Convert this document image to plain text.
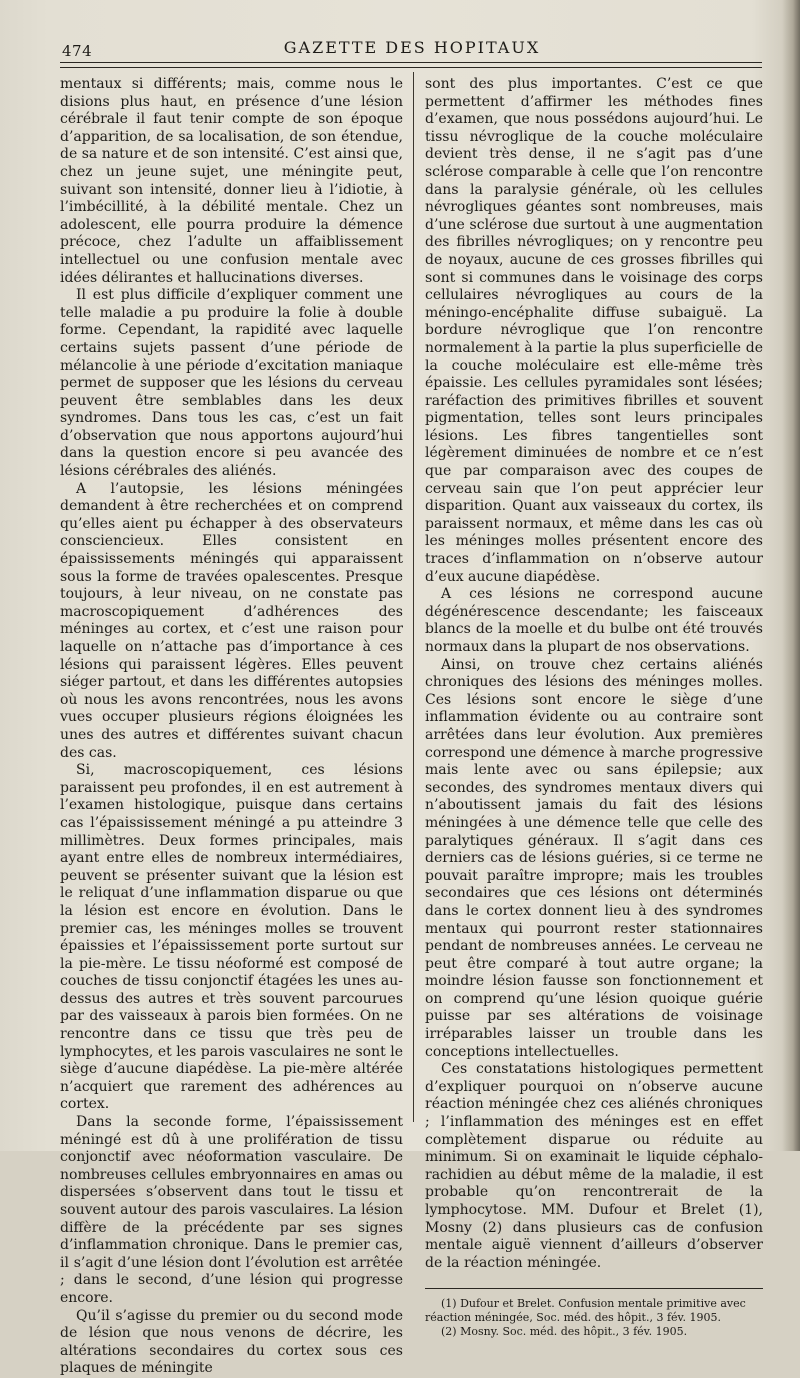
474	GAZETTE DES HOPITAUX

mentaux si différents; mais, comme nous le disions plus haut, en présence d’une lésion cérébrale il faut tenir compte de son époque d’apparition, de sa localisation, de son étendue, de sa nature et de son intensité. C’est ainsi que, chez un jeune sujet, une méningite peut, suivant son intensité, donner lieu à l’idiotie, à l’imbécillité, à la débilité mentale. Chez un adolescent, elle pourra produire la démence précoce, chez l’adulte un affaiblissement intellectuel ou une confusion mentale avec idées délirantes et hallucinations diverses.

Il est plus difficile d’expliquer comment une telle maladie a pu produire la folie à double forme. Cependant, la rapidité avec laquelle certains sujets passent d’une période de mélancolie à une période d’excitation maniaque permet de supposer que les lésions du cerveau peuvent être semblables dans les deux syndromes. Dans tous les cas, c’est un fait d’observation que nous apportons aujourd’hui dans la question encore si peu avancée des lésions cérébrales des aliénés.

A l’autopsie, les lésions méningées demandent à être recherchées et on comprend qu’elles aient pu échapper à des observateurs consciencieux. Elles consistent en épaississements méningés qui apparaissent sous la forme de travées opalescentes. Presque toujours, à leur niveau, on ne constate pas macroscopiquement d’adhérences des méninges au cortex, et c’est une raison pour laquelle on n’attache pas d’importance à ces lésions qui paraissent légères. Elles peuvent siéger partout, et dans les différentes autopsies où nous les avons rencontrées, nous les avons vues occuper plusieurs régions éloignées les unes des autres et différentes suivant chacun des cas.

Si, macroscopiquement, ces lésions paraissent peu profondes, il en est autrement à l’examen histologique, puisque dans certains cas l’épaississement méningé a pu atteindre 3 millimètres. Deux formes principales, mais ayant entre elles de nombreux intermédiaires, peuvent se présenter suivant que la lésion est le reliquat d’une inflammation disparue ou que la lésion est encore en évolution. Dans le premier cas, les méninges molles se trouvent épaissies et l’épaississement porte surtout sur la pie-mère. Le tissu néoformé est composé de couches de tissu conjonctif étagées les unes au-dessus des autres et très souvent parcourues par des vaisseaux à parois bien formées. On ne rencontre dans ce tissu que très peu de lymphocytes, et les parois vasculaires ne sont le siège d’aucune diapédèse. La pie-mère altérée n’acquiert que rarement des adhérences au cortex.

Dans la seconde forme, l’épaississement méningé est dû à une prolifération de tissu conjonctif avec néoformation vasculaire. De nombreuses cellules embryonnaires en amas ou dispersées s’observent dans tout le tissu et souvent autour des parois vasculaires. La lésion diffère de la précédente par ses signes d’inflammation chronique. Dans le premier cas, il s’agit d’une lésion dont l’évolution est arrêtée ; dans le second, d’une lésion qui progresse encore.

Qu’il s’agisse du premier ou du second mode de lésion que nous venons de décrire, les altérations secondaires du cortex sous ces plaques de méningite

sont des plus importantes. C’est ce que permettent d’affirmer les méthodes fines d’examen, que nous possédons aujourd’hui. Le tissu névroglique de la couche moléculaire devient très dense, il ne s’agit pas d’une sclérose comparable à celle que l’on rencontre dans la paralysie générale, où les cellules névrogliques géantes sont nombreuses, mais d’une sclérose due surtout à une augmentation des fibrilles névrogliques; on y rencontre peu de noyaux, aucune de ces grosses fibrilles qui sont si communes dans le voisinage des corps cellulaires névrogliques au cours de la méningo-encéphalite diffuse subaiguë. La bordure névroglique que l’on rencontre normalement à la partie la plus superficielle de la couche moléculaire est elle-même très épaissie. Les cellules pyramidales sont lésées; raréfaction des primitives fibrilles et souvent pigmentation, telles sont leurs principales lésions. Les fibres tangentielles sont légèrement diminuées de nombre et ce n’est que par comparaison avec des coupes de cerveau sain que l’on peut apprécier leur disparition. Quant aux vaisseaux du cortex, ils paraissent normaux, et même dans les cas où les méninges molles présentent encore des traces d’inflammation on n’observe autour d’eux aucune diapédèse.

A ces lésions ne correspond aucune dégénérescence descendante; les faisceaux blancs de la moelle et du bulbe ont été trouvés normaux dans la plupart de nos observations.

Ainsi, on trouve chez certains aliénés chroniques des lésions des méninges molles. Ces lésions sont encore le siège d’une inflammation évidente ou au contraire sont arrêtées dans leur évolution. Aux premières correspond une démence à marche progressive mais lente avec ou sans épilepsie; aux secondes, des syndromes mentaux divers qui n’aboutissent jamais du fait des lésions méningées à une démence telle que celle des paralytiques généraux. Il s’agit dans ces derniers cas de lésions guéries, si ce terme ne pouvait paraître impropre; mais les troubles secondaires que ces lésions ont déterminés dans le cortex donnent lieu à des syndromes mentaux qui pourront rester stationnaires pendant de nombreuses années. Le cerveau ne peut être comparé à tout autre organe; la moindre lésion fausse son fonctionnement et on comprend qu’une lésion quoique guérie puisse par ses altérations de voisinage irréparables laisser un trouble dans les conceptions intellectuelles.

Ces constatations histologiques permettent d’expliquer pourquoi on n’observe aucune réaction méningée chez ces aliénés chroniques ; l’inflammation des méninges est en effet complètement disparue ou réduite au minimum. Si on examinait le liquide céphalo-rachidien au début même de la maladie, il est probable qu’on rencontrerait de la lymphocytose. MM. Dufour et Brelet (1), Mosny (2) dans plusieurs cas de confusion mentale aiguë viennent d’ailleurs d’observer de la réaction méningée.

(1) Dufour et Brelet. Confusion mentale primitive avec réaction méningée, Soc. méd. des hôpit., 3 fév. 1905.

(2) Mosny. Soc. méd. des hôpit., 3 fév. 1905.
